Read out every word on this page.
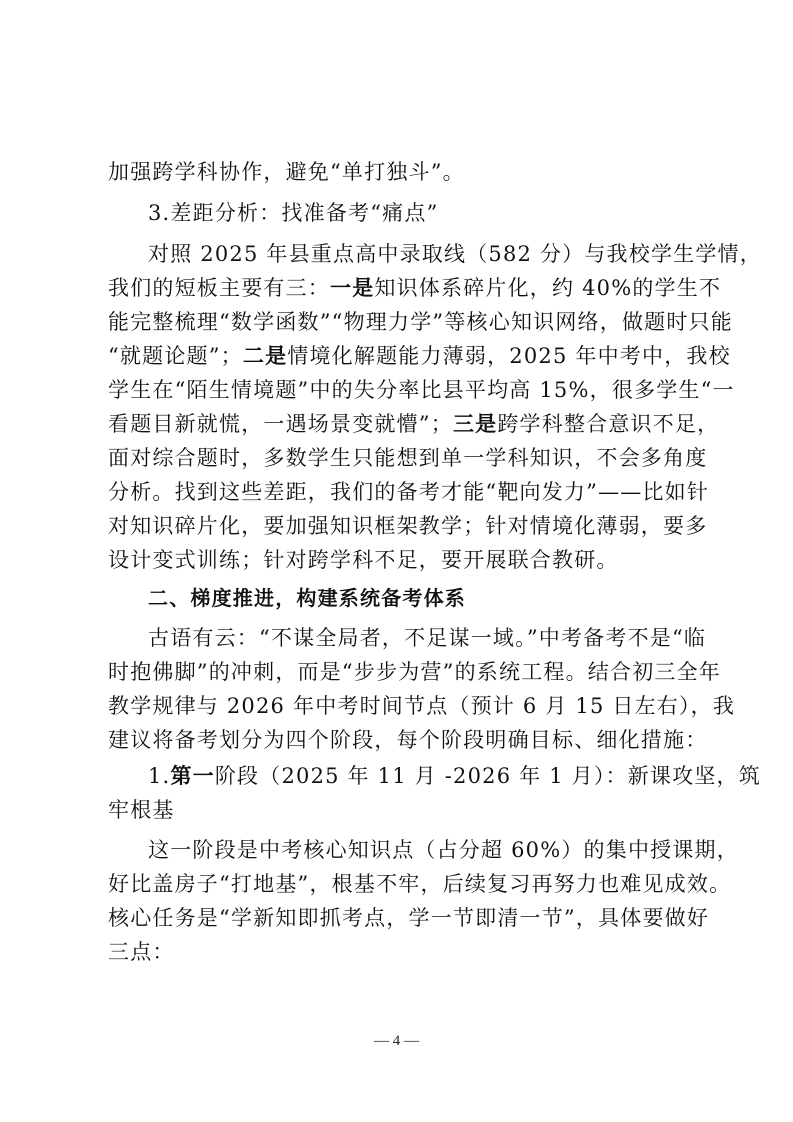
加强跨学科协作，避免“单打独斗”。
3.差距分析：找准备考“痛点”
对照 2025 年县重点高中录取线（582 分）与我校学生学情，
我们的短板主要有三：一是知识体系碎片化，约 40%的学生不
能完整梳理“数学函数”“物理力学”等核心知识网络，做题时只能
“就题论题”；二是情境化解题能力薄弱，2025 年中考中，我校
学生在“陌生情境题”中的失分率比县平均高 15%，很多学生“一
看题目新就慌，一遇场景变就懵”；三是跨学科整合意识不足，
面对综合题时，多数学生只能想到单一学科知识，不会多角度
分析。找到这些差距，我们的备考才能“靶向发力”——比如针
对知识碎片化，要加强知识框架教学；针对情境化薄弱，要多
设计变式训练；针对跨学科不足，要开展联合教研。
二、梯度推进，构建系统备考体系
古语有云：“不谋全局者，不足谋一域。”中考备考不是“临
时抱佛脚”的冲刺，而是“步步为营”的系统工程。结合初三全年
教学规律与 2026 年中考时间节点（预计 6 月 15 日左右），我
建议将备考划分为四个阶段，每个阶段明确目标、细化措施：
1.第一阶段（2025 年 11 月 -2026 年 1 月）：新课攻坚，筑
牢根基
这一阶段是中考核心知识点（占分超 60%）的集中授课期，
好比盖房子“打地基”，根基不牢，后续复习再努力也难见成效。
核心任务是“学新知即抓考点，学一节即清一节”，具体要做好
三点：
— 4 —
